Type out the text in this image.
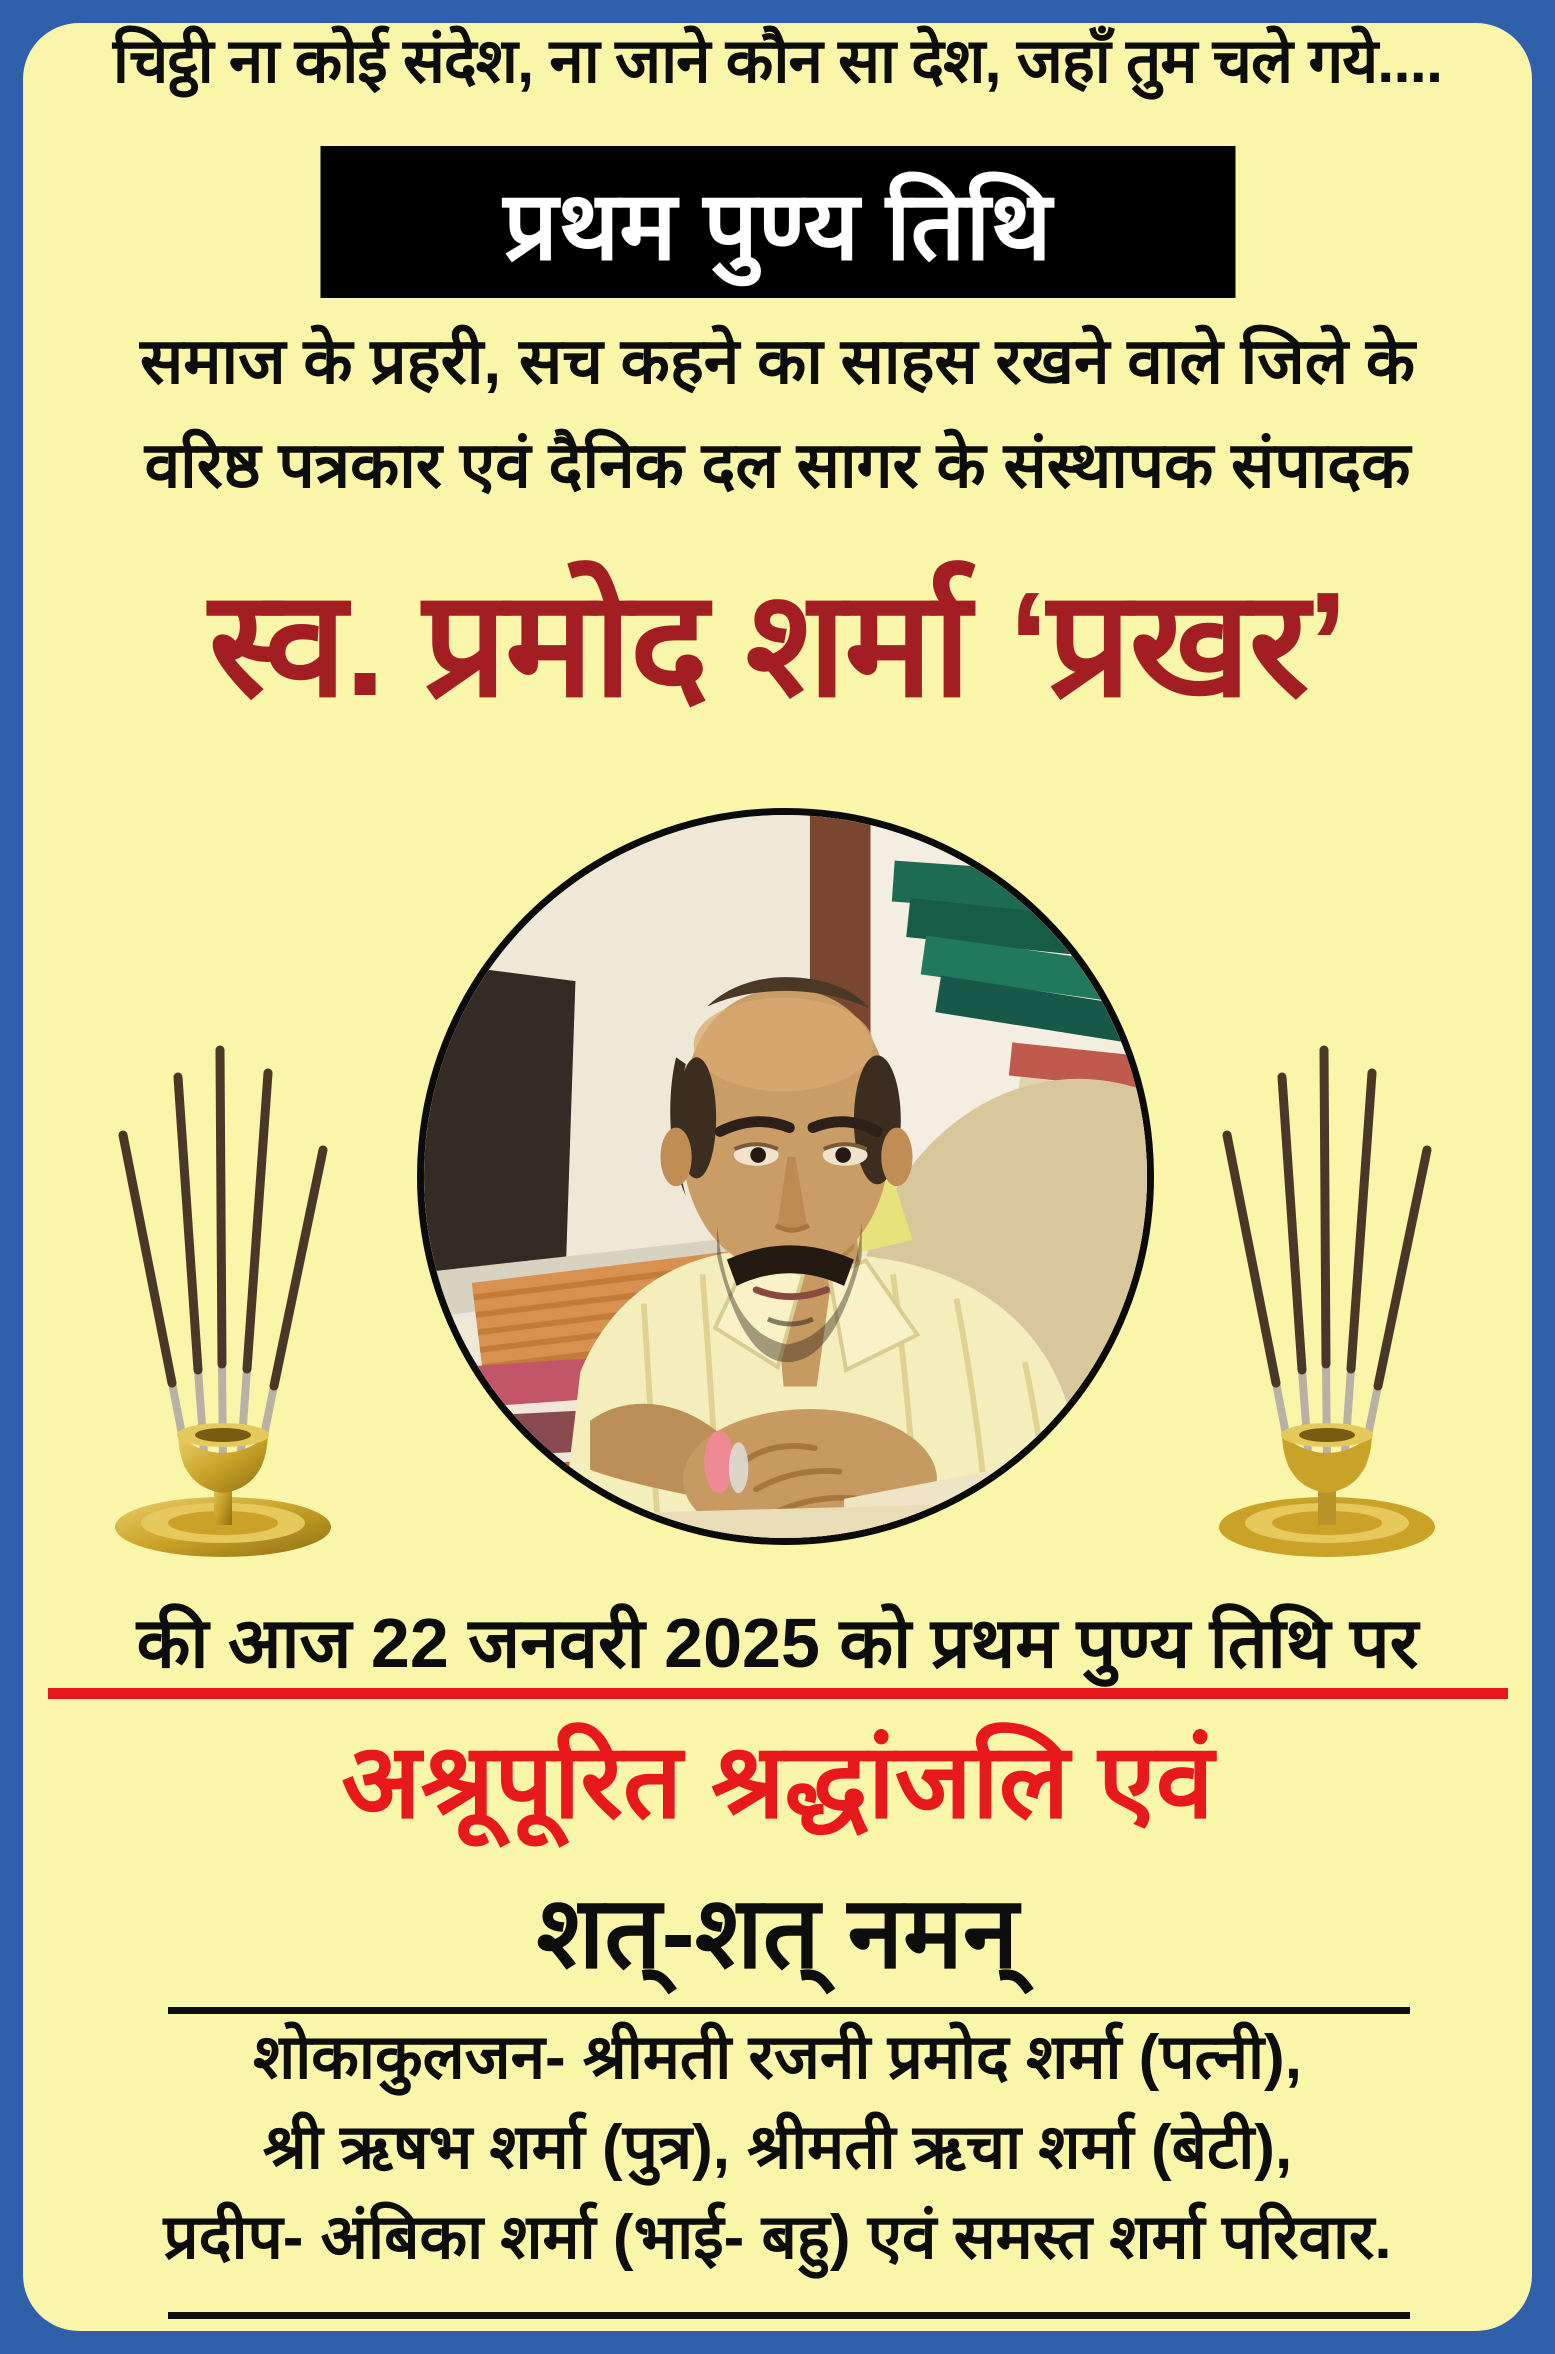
चिट्ठी ना कोई संदेश, ना जाने कौन सा देश, जहाँ तुम चले गये....
प्रथम पुण्य तिथि
समाज के प्रहरी, सच कहने का साहस रखने वाले जिले के
वरिष्ठ पत्रकार एवं दैनिक दल सागर के संस्थापक संपादक
स्व. प्रमोद शर्मा ‘प्रखर’
की आज 22 जनवरी 2025 को प्रथम पुण्य तिथि पर
अश्रूपूरित श्रद्धांजलि एवं
शत्-शत् नमन्
शोकाकुलजन- श्रीमती रजनी प्रमोद शर्मा (पत्नी),
श्री ऋषभ शर्मा (पुत्र), श्रीमती ऋचा शर्मा (बेटी),
प्रदीप- अंबिका शर्मा (भाई- बहु) एवं समस्त शर्मा परिवार.
